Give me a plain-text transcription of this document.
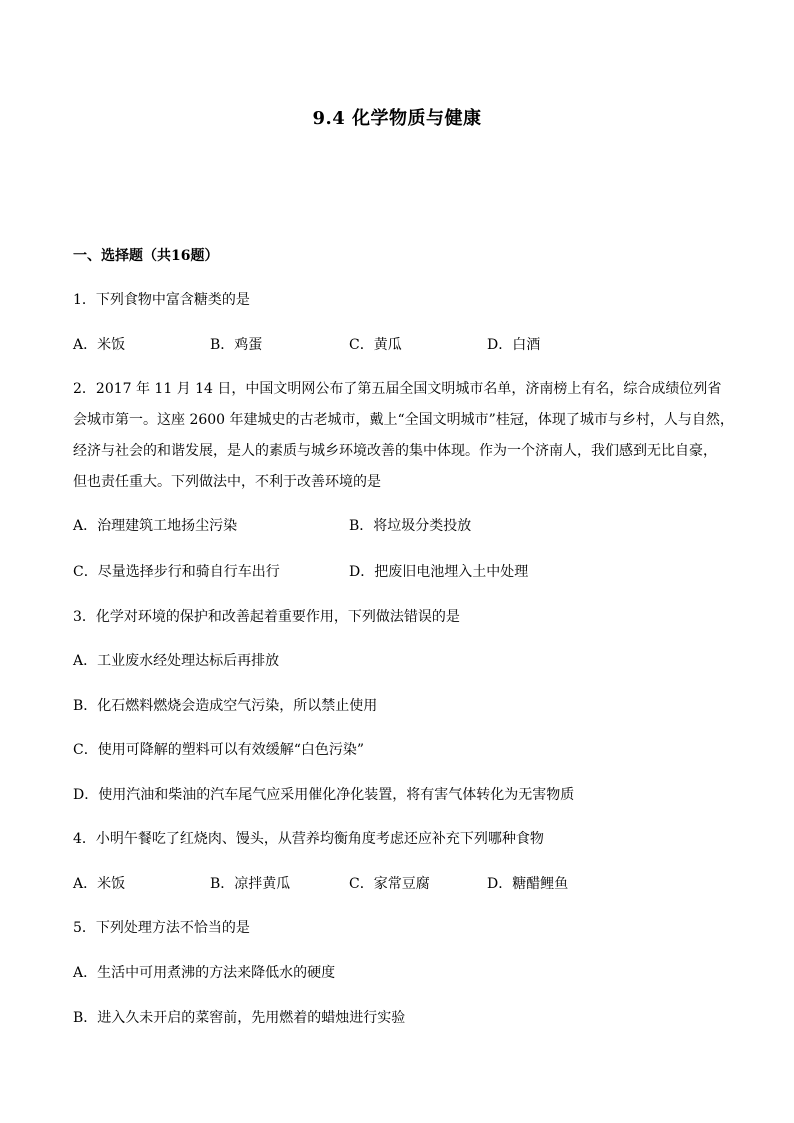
9.4 化学物质与健康
一、选择题（共16题）
1．下列食物中富含糖类的是
A．米饭	B．鸡蛋	C．黄瓜	D．白酒
2．2017 年 11 月 14 日，中国文明网公布了第五届全国文明城市名单，济南榜上有名，综合成绩位列省
会城市第一。这座 2600 年建城史的古老城市，戴上“全国文明城市”桂冠，体现了城市与乡村，人与自然，
经济与社会的和谐发展，是人的素质与城乡环境改善的集中体现。作为一个济南人，我们感到无比自豪，
但也责任重大。下列做法中，不利于改善环境的是
A．治理建筑工地扬尘污染	B．将垃圾分类投放
C．尽量选择步行和骑自行车出行	D．把废旧电池埋入土中处理
3．化学对环境的保护和改善起着重要作用，下列做法错误的是
A．工业废水经处理达标后再排放
B．化石燃料燃烧会造成空气污染，所以禁止使用
C．使用可降解的塑料可以有效缓解“白色污染”
D．使用汽油和柴油的汽车尾气应采用催化净化装置，将有害气体转化为无害物质
4．小明午餐吃了红烧肉、馒头，从营养均衡角度考虑还应补充下列哪种食物
A．米饭	B．凉拌黄瓜	C．家常豆腐	D．糖醋鲤鱼
5．下列处理方法不恰当的是
A．生活中可用煮沸的方法来降低水的硬度
B．进入久未开启的菜窖前，先用燃着的蜡烛进行实验
